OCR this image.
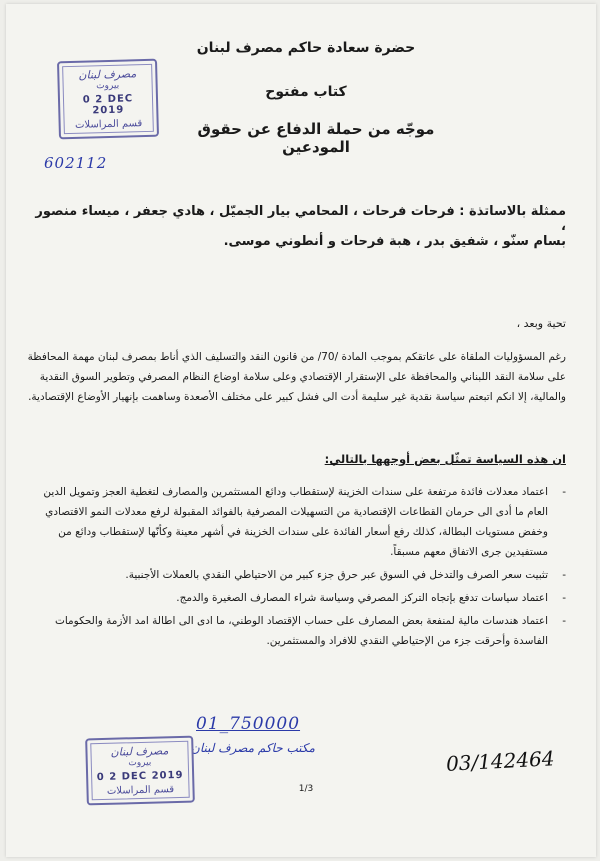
حضرة سعادة حاكم مصرف لبنان
كتاب مفتوح
موجّه من حملة الدفاع عن حقوق المودعين
مصرف لبنان
بيروت
0 2 DEC 2019
قسم المراسلات
602112
ممثلة بالاساتذة : فرحات فرحات ، المحامي بيار الجميّل ، هادي جعفر ، ميساء منصور ،
بسام سنّو ، شفيق بدر ، هبة فرحات و أنطوني موسى.
تحية وبعد ،
رغم المسؤوليات الملقاة على عاتقكم بموجب المادة /70/ من قانون النقد والتسليف الذي أناط بمصرف لبنان مهمة المحافظة على سلامة النقد اللبناني والمحافظة على الإستقرار الإقتصادي وعلى سلامة اوضاع النظام المصرفي وتطوير السوق النقدية والمالية، إلا انكم اتبعتم سياسة نقدية غير سليمة أدت الى فشل كبير على مختلف الأصعدة وساهمت بإنهيار الأوضاع الإقتصادية.
ان هذه السياسة تمثّل بعض أوجهها بالتالي:
-
اعتماد معدلات فائدة مرتفعة على سندات الخزينة لإستقطاب ودائع المستثمرين والمصارف لتغطية العجز وتمويل الدين العام ما أدى الى حرمان القطاعات الإقتصادية من التسهيلات المصرفية بالفوائد المقبولة لرفع معدلات النمو الاقتصادي وخفض مستويات البطالة، كذلك رفع أسعار الفائدة على سندات الخزينة في أشهر معينة وكأنّها لإستقطاب ودائع من مستفيدين جرى الاتفاق معهم مسبقاً.
-
تثبيت سعر الصرف والتدخل في السوق عبر حرق جزء كبير من الاحتياطي النقدي بالعملات الأجنبية.
-
اعتماد سياسات تدفع بإتجاه التركز المصرفي وسياسة شراء المصارف الصغيرة والدمج.
-
اعتماد هندسات مالية لمنفعة بعض المصارف على حساب الإقتصاد الوطني، ما ادى الى اطالة امد الأزمة والحكومات الفاسدة وأحرقت جزء من الإحتياطي النقدي للافراد والمستثمرين.
01_750000
مكتب حاكم مصرف لبنان	03/142464
مصرف لبنان
بيروت
0 2 DEC 2019
قسم المراسلات	1/3
